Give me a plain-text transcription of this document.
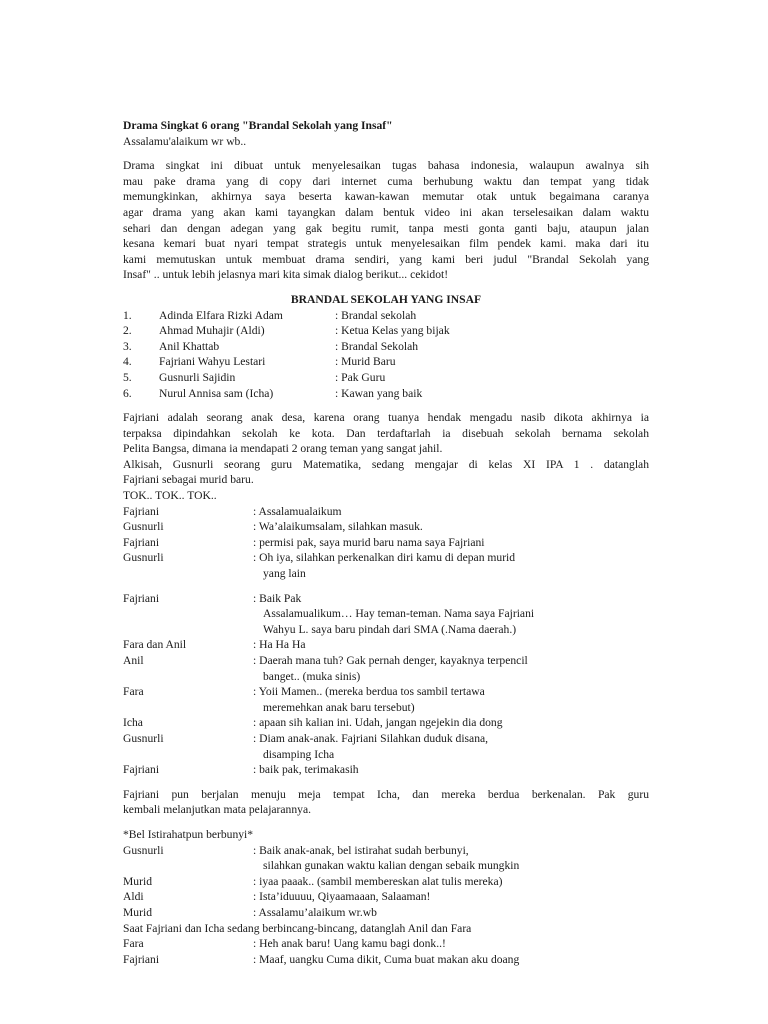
Drama Singkat 6 orang "Brandal Sekolah yang Insaf"
Assalamu'alaikum wr wb..
Drama singkat ini dibuat untuk menyelesaikan tugas bahasa indonesia, walaupun awalnya sih
mau pake drama yang di copy dari internet cuma berhubung waktu dan tempat yang tidak
memungkinkan, akhirnya saya beserta kawan-kawan memutar otak untuk begaimana caranya
agar drama yang akan kami tayangkan dalam bentuk video ini akan terselesaikan dalam waktu
sehari dan dengan adegan yang gak begitu rumit, tanpa mesti gonta ganti baju, ataupun jalan
kesana kemari buat nyari tempat strategis untuk menyelesaikan film pendek kami. maka dari itu
kami memutuskan untuk membuat drama sendiri, yang kami beri judul "Brandal Sekolah yang
Insaf" .. untuk lebih jelasnya mari kita simak dialog berikut... cekidot!
BRANDAL SEKOLAH YANG INSAF
1.	Adinda Elfara Rizki Adam	: Brandal sekolah
2.	Ahmad Muhajir (Aldi)	: Ketua Kelas yang bijak
3.	Anil Khattab	: Brandal Sekolah
4.	Fajriani Wahyu Lestari	: Murid Baru
5.	Gusnurli Sajidin	: Pak Guru
6.	Nurul Annisa sam (Icha)	: Kawan yang baik
Fajriani adalah seorang anak desa, karena orang tuanya hendak mengadu nasib dikota akhirnya ia
terpaksa dipindahkan sekolah ke kota. Dan terdaftarlah ia disebuah sekolah bernama sekolah
Pelita Bangsa, dimana ia mendapati 2 orang teman yang sangat jahil.
Alkisah, Gusnurli seorang guru Matematika, sedang mengajar di kelas XI IPA 1 . datanglah
Fajriani sebagai murid baru.
TOK.. TOK.. TOK..
Fajriani	: Assalamualaikum
Gusnurli	: Wa’alaikumsalam, silahkan masuk.
Fajriani	: permisi pak, saya murid baru nama saya Fajriani
Gusnurli	: Oh iya, silahkan perkenalkan diri kamu di depan murid
yang lain
Fajriani	: Baik Pak
Assalamualikum… Hay teman-teman. Nama saya Fajriani
Wahyu L. saya baru pindah dari SMA (.Nama daerah.)
Fara dan Anil	: Ha Ha Ha
Anil	: Daerah mana tuh? Gak pernah denger, kayaknya terpencil
banget.. (muka sinis)
Fara	: Yoii Mamen.. (mereka berdua tos sambil tertawa
meremehkan anak baru tersebut)
Icha	: apaan sih kalian ini. Udah, jangan ngejekin dia dong
Gusnurli	: Diam anak-anak. Fajriani Silahkan duduk disana,
disamping Icha
Fajriani	: baik pak, terimakasih
Fajriani pun berjalan menuju meja tempat Icha, dan mereka berdua berkenalan. Pak guru
kembali melanjutkan mata pelajarannya.
*Bel Istirahatpun berbunyi*
Gusnurli	: Baik anak-anak, bel istirahat sudah berbunyi,
silahkan gunakan waktu kalian dengan sebaik mungkin
Murid	: iyaa paaak.. (sambil membereskan alat tulis mereka)
Aldi	: Ista’iduuuu, Qiyaamaaan, Salaaman!
Murid	: Assalamu’alaikum wr.wb
Saat Fajriani dan Icha sedang berbincang-bincang, datanglah Anil dan Fara
Fara	: Heh anak baru! Uang kamu bagi donk..!
Fajriani	: Maaf, uangku Cuma dikit, Cuma buat makan aku doang
